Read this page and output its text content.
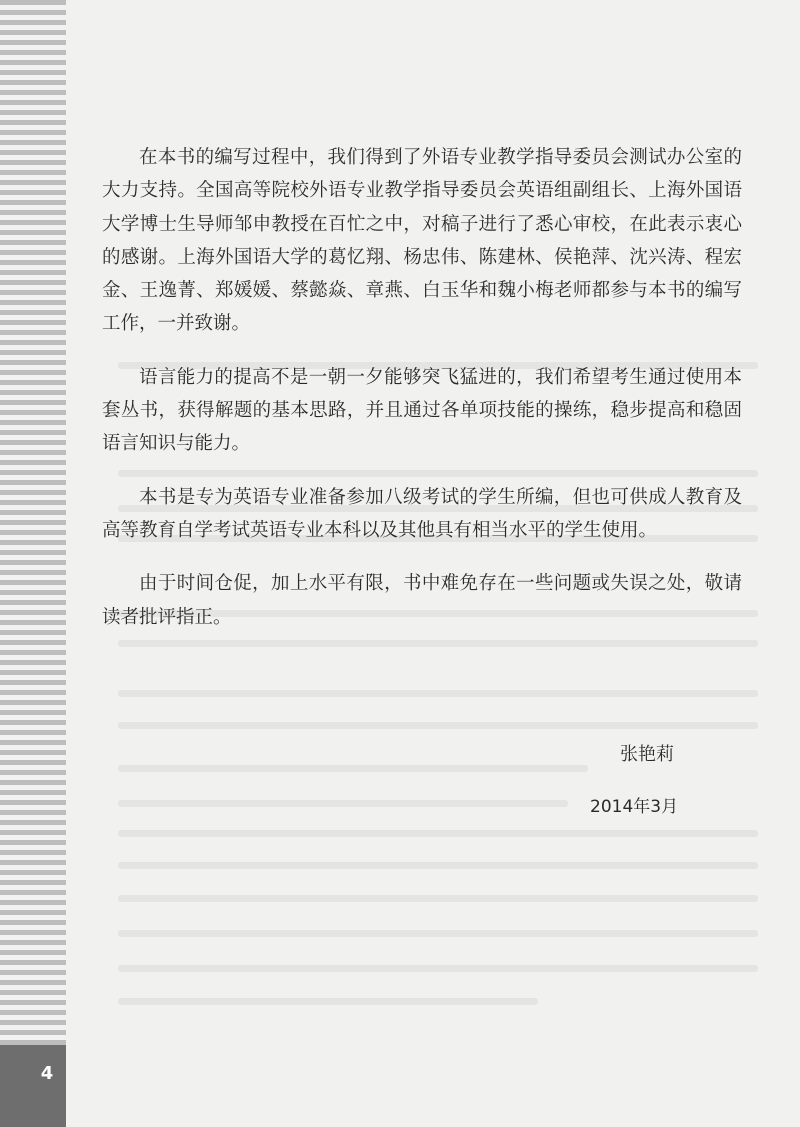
4

在本书的编写过程中，我们得到了外语专业教学指导委员会测试办公室的大力支持。全国高等院校外语专业教学指导委员会英语组副组长、上海外国语大学博士生导师邹申教授在百忙之中，对稿子进行了悉心审校，在此表示衷心的感谢。上海外国语大学的葛忆翔、杨忠伟、陈建林、侯艳萍、沈兴涛、程宏金、王逸菁、郑媛媛、蔡懿焱、章燕、白玉华和魏小梅老师都参与本书的编写工作，一并致谢。

语言能力的提高不是一朝一夕能够突飞猛进的，我们希望考生通过使用本套丛书，获得解题的基本思路，并且通过各单项技能的操练，稳步提高和稳固语言知识与能力。

本书是专为英语专业准备参加八级考试的学生所编，但也可供成人教育及高等教育自学考试英语专业本科以及其他具有相当水平的学生使用。

由于时间仓促，加上水平有限，书中难免存在一些问题或失误之处，敬请读者批评指正。

张艳莉
2014年3月
